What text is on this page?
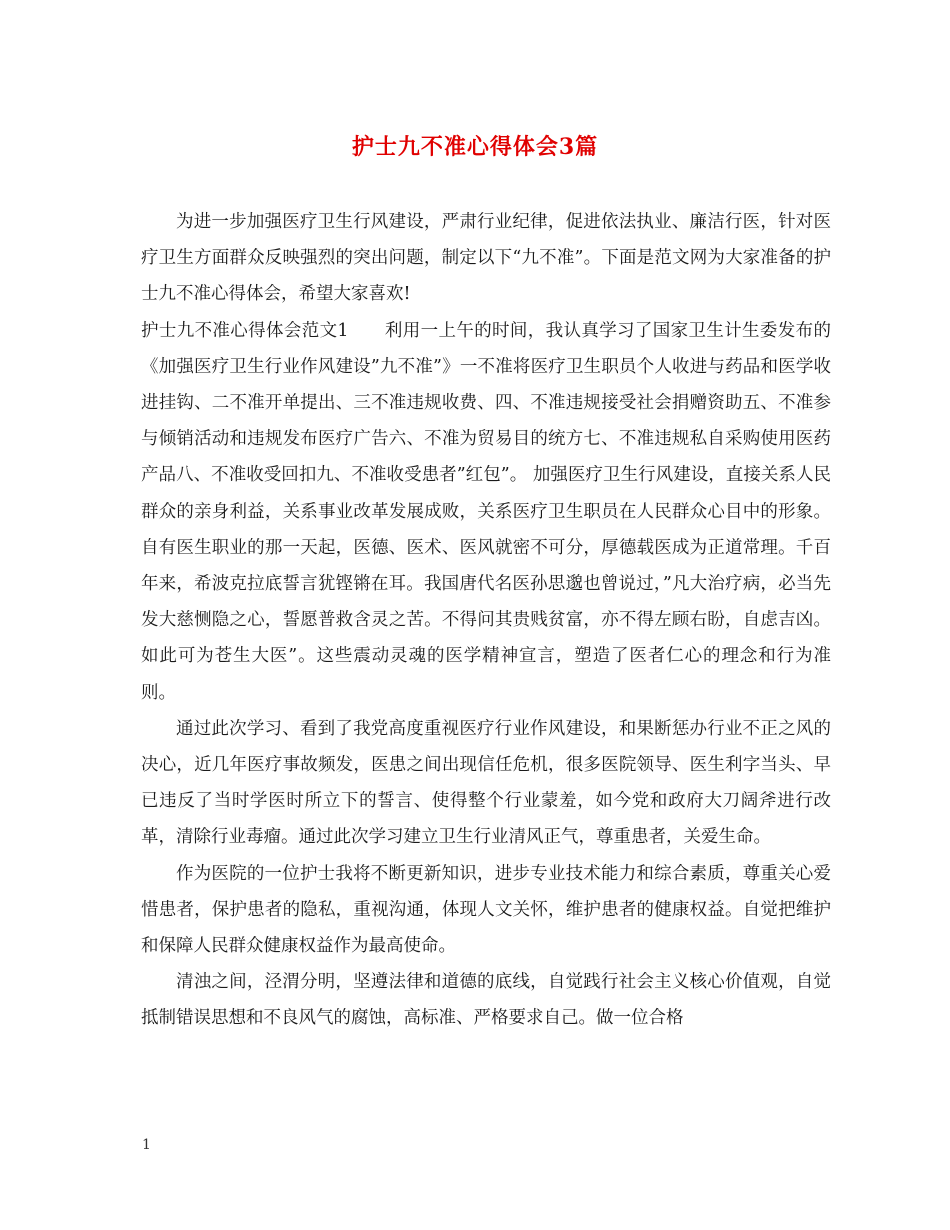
护士九不准心得体会3篇

为进一步加强医疗卫生行风建设，严肃行业纪律，促进依法执业、廉洁行医，针对医疗卫生方面群众反映强烈的突出问题，制定以下“九不准”。下面是范文网为大家准备的护士九不准心得体会，希望大家喜欢!

护士九不准心得体会范文1 利用一上午的时间，我认真学习了国家卫生计生委发布的《加强医疗卫生行业作风建设”九不准”》一不准将医疗卫生职员个人收进与药品和医学收进挂钩、二不准开单提出、三不准违规收费、四、不准违规接受社会捐赠资助五、不准参与倾销活动和违规发布医疗广告六、不准为贸易目的统方七、不准违规私自采购使用医药产品八、不准收受回扣九、不准收受患者”红包”。 加强医疗卫生行风建设，直接关系人民群众的亲身利益，关系事业改革发展成败，关系医疗卫生职员在人民群众心目中的形象。自有医生职业的那一天起，医德、医术、医风就密不可分，厚德载医成为正道常理。千百年来，希波克拉底誓言犹铿锵在耳。我国唐代名医孙思邈也曾说过，”凡大治疗病，必当先发大慈恻隐之心，誓愿普救含灵之苦。不得问其贵贱贫富，亦不得左顾右盼，自虑吉凶。如此可为苍生大医”。这些震动灵魂的医学精神宣言，塑造了医者仁心的理念和行为准则。

通过此次学习、看到了我党高度重视医疗行业作风建设，和果断惩办行业不正之风的决心，近几年医疗事故频发，医患之间出现信任危机，很多医院领导、医生利字当头、早已违反了当时学医时所立下的誓言、使得整个行业蒙羞，如今党和政府大刀阔斧进行改革，清除行业毒瘤。通过此次学习建立卫生行业清风正气，尊重患者，关爱生命。

作为医院的一位护士我将不断更新知识，进步专业技术能力和综合素质，尊重关心爱惜患者，保护患者的隐私，重视沟通，体现人文关怀，维护患者的健康权益。自觉把维护和保障人民群众健康权益作为最高使命。

清浊之间，泾渭分明，坚遵法律和道德的底线，自觉践行社会主义核心价值观，自觉抵制错误思想和不良风气的腐蚀，高标准、严格要求自己。做一位合格

1
